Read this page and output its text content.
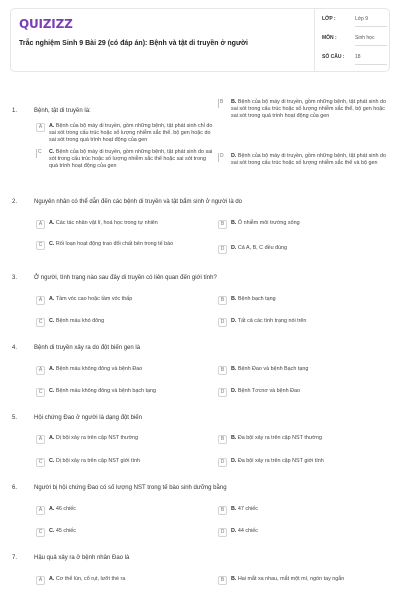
QUIZIZZ
Trắc nghiệm Sinh 9 Bài 29 (có đáp án): Bệnh và tật di truyền ở người
LỚP :	Lớp 9
MÔN :	Sinh học
SỐ CÂU : 18
1.	Bệnh, tật di truyền là:
A	A. Bệnh của bộ máy di truyền, gồm những bệnh, tật phát sinh chỉ do sai sót trong cấu trúc hoặc số lượng nhiễm sắc thể. bộ gen hoặc do sai sót trong quá trình hoạt động của gen
B B. Bệnh của bộ máy di truyền, gồm những bệnh, tật phát sinh do sai sót trong cấu trúc hoặc số lượng nhiễm sắc thể, bộ gen hoặc sai sót trong quá trình hoạt động của gen
C C. Bệnh của bộ máy di truyền, gồm những bệnh, tật phát sinh do sai sót trong cấu trúc hoặc số lượng nhiễm sắc thể hoặc sai sót trong quá trình hoạt động của gen
D D. Bệnh của bộ máy di truyền, gồm những bệnh, tật phát sinh do sai sót trong cấu trúc hoặc số lượng nhiễm sắc thể và bộ gen
2.	Nguyên nhân có thể dẫn đến các bệnh di truyền và tật bẩm sinh ở người là do
A	A. Các tác nhân vật lí, hoá học trong tự nhiên	B	B. Ô nhiễm môi trường sống
C	C. Rối loạn hoạt động trao đổi chất bên trong tế bào
D	D. Cả A, B, C đều đúng
3.	Ở người, tình trạng nào sau đây di truyền có liên quan đến giới tính?
A	A. Tầm vóc cao hoặc tầm vóc thấp	B	B. Bệnh bạch tạng
C	C. Bệnh máu khó đông	D	D. Tất cả các tình trạng nói trên
4.	Bệnh di truyền xảy ra do đột biến gen là
A	A. Bệnh máu không đông và bệnh Đao	B	B. Bệnh Đao và bệnh Bạch tạng
C	C. Bệnh máu không đông và bệnh bạch tạng	D	D. Bệnh Tơcnơ và bệnh Đao
5.	Hội chứng Đao ở người là dạng đột biến
A	A. Dị bội xảy ra trên cặp NST thường	B	B. Đa bội xảy ra trên cặp NST thường
C	C. Dị bội xảy ra trên cặp NST giới tính	D	D. Đa bội xảy ra trên cặp NST giới tính
6.	Người bị hội chứng Đao có số lượng NST trong tế bào sinh dưỡng bằng
A	A. 46 chiếc	B	B. 47 chiếc
C	C. 45 chiếc	D	D. 44 chiếc
7.	Hậu quả xảy ra ở bệnh nhân Đao là
A	A. Cơ thể lùn, cổ rụt, lưỡi thè ra	B	B. Hai mắt xa nhau, mắt một mí, ngón tay ngắn
